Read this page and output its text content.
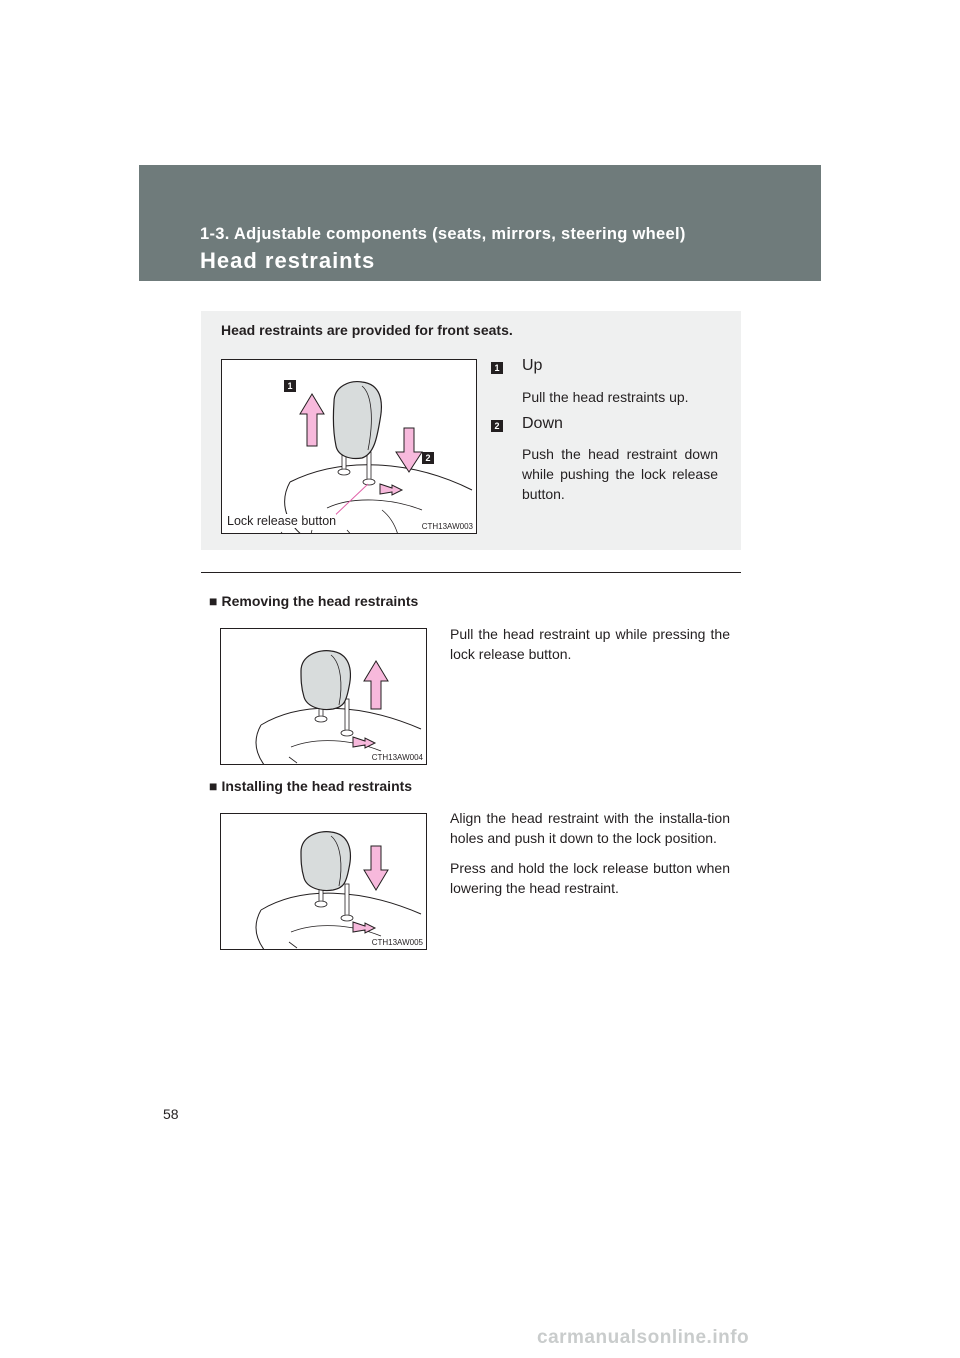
1-3. Adjustable components (seats, mirrors, steering wheel)
Head restraints
Head restraints are provided for front seats.
1
2
Lock release button	CTH13AW003
1 Up
Pull the head restraints up.
2 Down
Push the head restraint down while pushing the lock release button.
■ Removing the head restraints
CTH13AW004

Pull the head restraint up while pressing the lock release button.

■ Installing the head restraints
CTH13AW005

Align the head restraint with the installa-tion holes and push it down to the lock position.

Press and hold the lock release button when lowering the head restraint.

58
carmanualsonline.info
